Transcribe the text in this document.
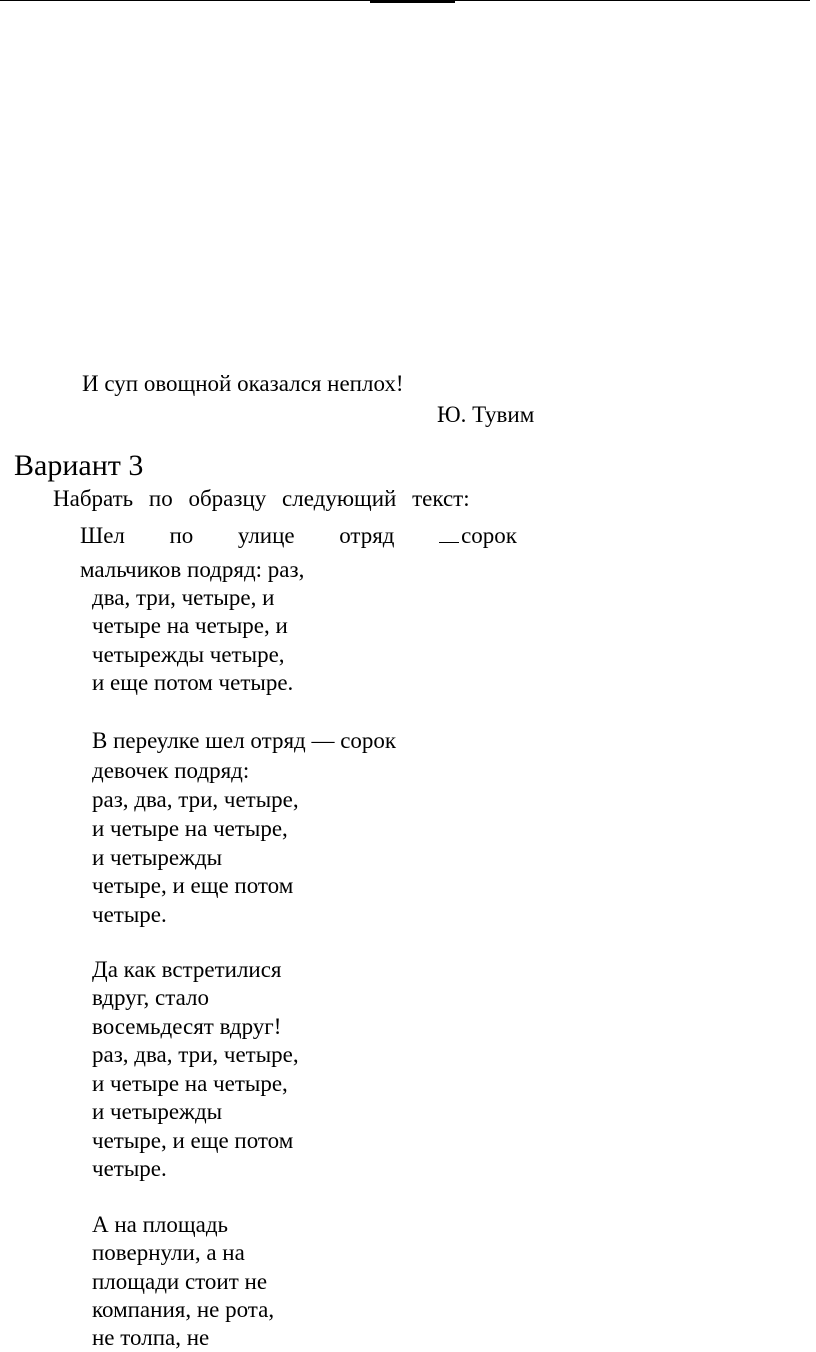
И суп овощной оказался неплох!
Ю. Тувим
Вариант 3
Набрать по образцу следующий текст:
Шел по улице отряд	сорок
мальчиков подряд: раз,
два, три, четыре, и
четыре на четыре, и
четырежды четыре,
и еще потом четыре.
В переулке шел отряд — сорок
девочек подряд:
раз, два, три, четыре,
и четыре на четыре,
и четырежды
четыре, и еще потом
четыре.
Да как встретилися
вдруг, стало
восемьдесят вдруг!
раз, два, три, четыре,
и четыре на четыре,
и четырежды
четыре, и еще потом
четыре.
А на площадь
повернули, а на
площади стоит не
компания, не рота,
не толпа, не
